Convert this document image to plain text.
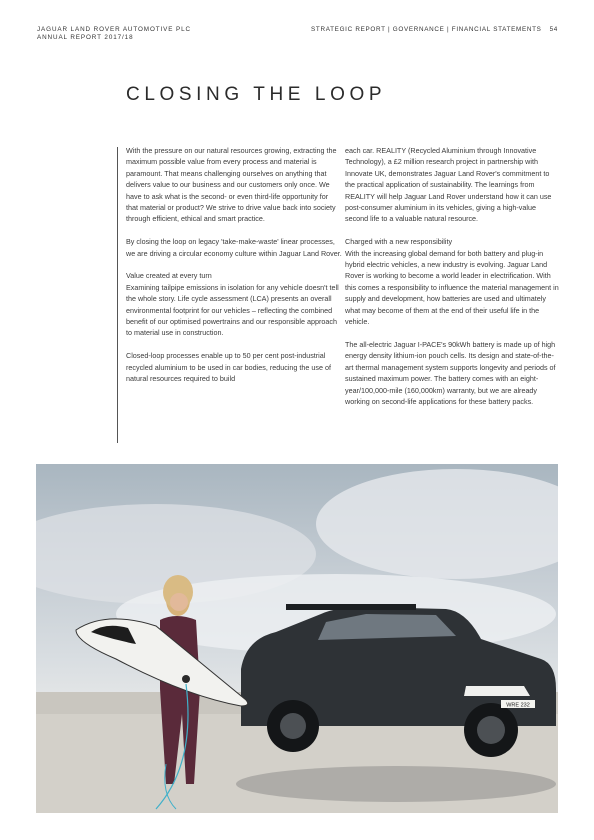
JAGUAR LAND ROVER AUTOMOTIVE PLC
ANNUAL REPORT 2017/18
STRATEGIC REPORT | GOVERNANCE | FINANCIAL STATEMENTS 54
CLOSING THE LOOP

With the pressure on our natural resources growing, extracting the maximum possible value from every process and material is paramount. That means challenging ourselves on anything that delivers value to our business and our customers only once. We have to ask what is the second- or even third-life opportunity for that material or product? We strive to drive value back into society through efficient, ethical and smart practice.

By closing the loop on legacy 'take-make-waste' linear processes, we are driving a circular economy culture within Jaguar Land Rover.

Value created at every turn

Examining tailpipe emissions in isolation for any vehicle doesn't tell the whole story. Life cycle assessment (LCA) presents an overall environmental footprint for our vehicles – reflecting the combined benefit of our optimised powertrains and our responsible approach to material use in construction.

Closed-loop processes enable up to 50 per cent post-industrial recycled aluminium to be used in car bodies, reducing the use of natural resources required to build

each car. REALITY (Recycled Aluminium through Innovative Technology), a £2 million research project in partnership with Innovate UK, demonstrates Jaguar Land Rover's commitment to the practical application of sustainability. The learnings from REALITY will help Jaguar Land Rover understand how it can use post-consumer aluminium in its vehicles, giving a high-value second life to a valuable natural resource.

Charged with a new responsibility

With the increasing global demand for both battery and plug-in hybrid electric vehicles, a new industry is evolving. Jaguar Land Rover is working to become a world leader in electrification. With this comes a responsibility to influence the material management in supply and development, how batteries are used and ultimately what may become of them at the end of their useful life in the vehicle.

The all-electric Jaguar I-PACE's 90kWh battery is made up of high energy density lithium-ion pouch cells. Its design and state-of-the-art thermal management system supports longevity and periods of sustained maximum power. The battery comes with an eight-year/100,000-mile (160,000km) warranty, but we are already working on second-life applications for these battery packs.

WRE 232
